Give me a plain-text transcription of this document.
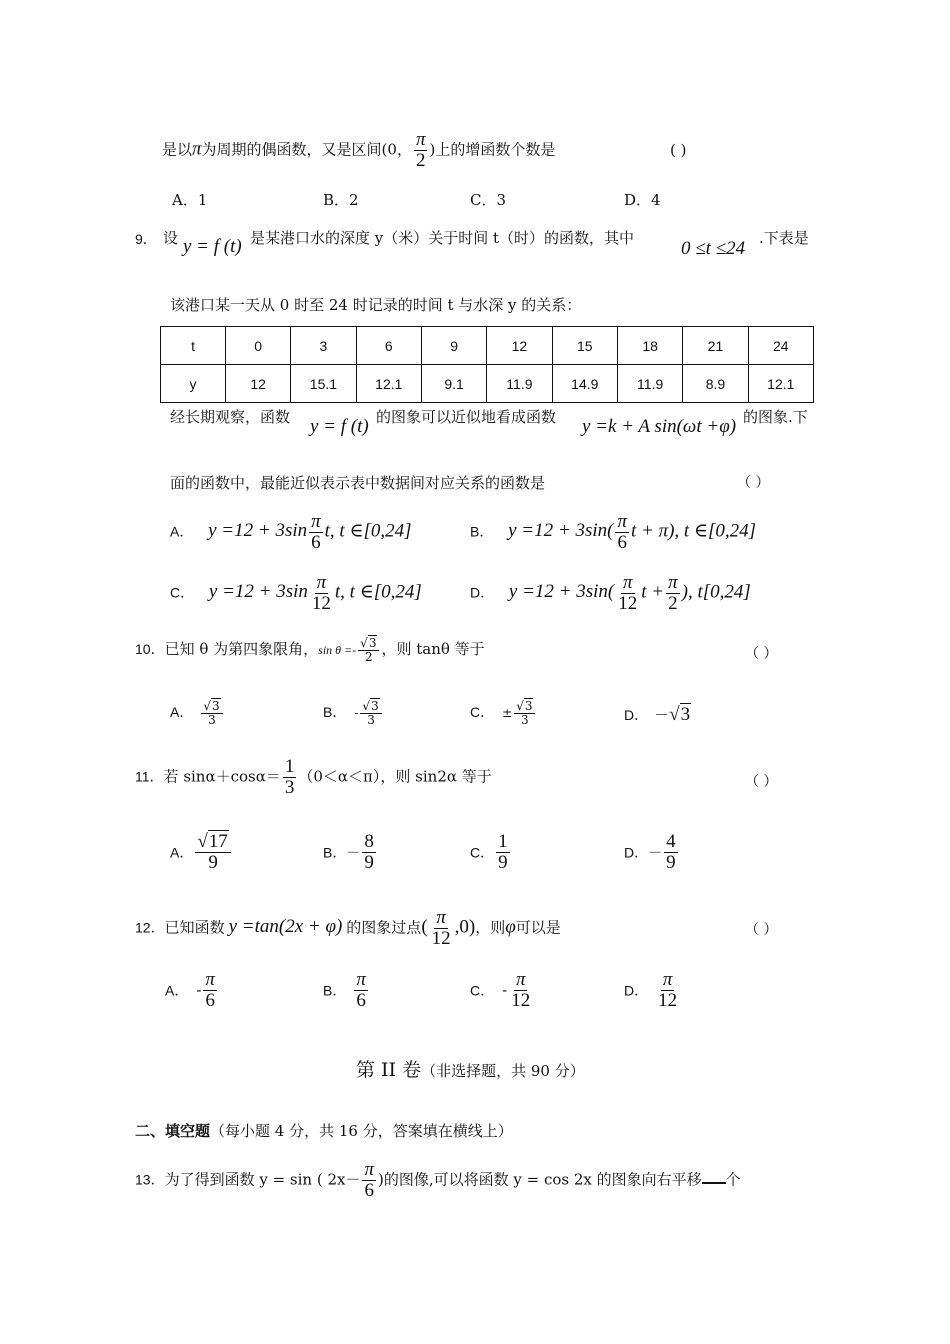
是以π为周期的偶函数，又是区间(0， $\frac{\pi}{2}$ )上的增函数个数是	( )
A．1	B．2	C．3	D．4
9． 设 y = f (t) 是某港口水的深度 y（米）关于时间 t（时）的函数，其中 0 ≤t ≤24 .下表是
该港口某一天从 0 时至 24 时记录的时间 t 与水深 y 的关系：
t	0	3	6	9	12	15	18	21	24
y	12	15.1	12.1	9.1	11.9	14.9	11.9	8.9	12.1
经长期观察，函数 y = f (t) 的图象可以近似地看成函数 y =k + A sin(ωt +φ) 的图象.下
面的函数中，最能近似表示表中数据间对应关系的函数是	（ ）
A． $y =12 + 3\sin \frac{\pi}{6} t$, t ∈[0,24]	B． $y =12 + 3\sin( \frac{\pi}{6}$ t + π), t ∈[0,24]
C． $y =12 + 3\sin \frac{\pi}{12} t$, t ∈[0,24]	D． $y =12 + 3\sin( \frac{\pi}{12}$ $t + \frac{\pi}{2}$ ), t[0,24]
10．已知 θ 为第四象限角，$\sin \theta =- \frac{√3}{2}$ ，则 tanθ 等于	（ ）
A． $\frac{√3}{3}$	B． - $\frac{√3}{3}$	C． ± $\frac{√3}{3}$	D． －√3
11．若 $\sin\alpha+\cos\alpha= \frac{1}{3} (0<\alpha<\pi)$，则 sin2α 等于	（ ）
A． $\frac{√17}{9}$	B．－ $\frac{8}{9}$	C． $\frac{1}{9}$	D．－ $\frac{4}{9}$
12．已知函数 y =tan(2x + φ) 的图象过点( $\frac{\pi}{12} ,0$)，则φ可以是	（ ）
A． - $\frac{\pi}{6}$	B． $\frac{\pi}{6}$	C． - $\frac{\pi}{12}$	D． $\frac{\pi}{12}$
第 II 卷（非选择题，共 90 分）
二、填空题（每小题 4 分，共 16 分，答案填在横线上）
13．为了得到函数 y = sin ( $2x- \frac{\pi}{6}$ )的图像,可以将函数 y = cos 2x 的图象向右平移 个
